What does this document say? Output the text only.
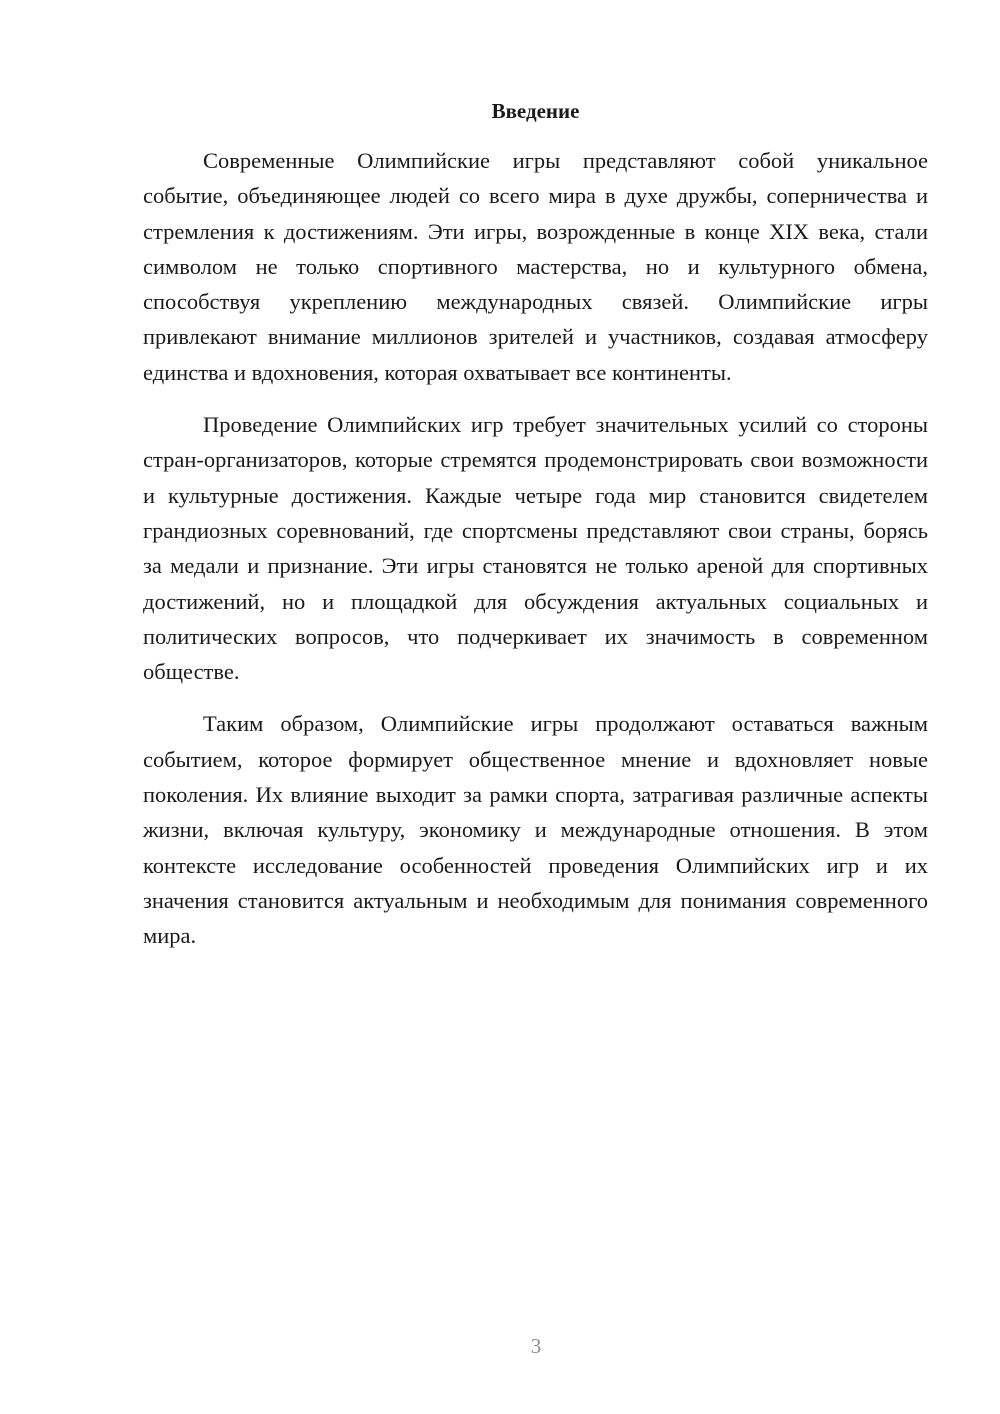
Введение

Современные Олимпийские игры представляют собой уникальное событие, объединяющее людей со всего мира в духе дружбы, соперничества и стремления к достижениям. Эти игры, возрожденные в конце XIX века, стали символом не только спортивного мастерства, но и культурного обмена, способствуя укреплению международных связей. Олимпийские игры привлекают внимание миллионов зрителей и участников, создавая атмосферу единства и вдохновения, которая охватывает все континенты.

Проведение Олимпийских игр требует значительных усилий со стороны стран-организаторов, которые стремятся продемонстрировать свои возможности и культурные достижения. Каждые четыре года мир становится свидетелем грандиозных соревнований, где спортсмены представляют свои страны, борясь за медали и признание. Эти игры становятся не только ареной для спортивных достижений, но и площадкой для обсуждения актуальных социальных и политических вопросов, что подчеркивает их значимость в современном обществе.

Таким образом, Олимпийские игры продолжают оставаться важным событием, которое формирует общественное мнение и вдохновляет новые поколения. Их влияние выходит за рамки спорта, затрагивая различные аспекты жизни, включая культуру, экономику и международные отношения. В этом контексте исследование особенностей проведения Олимпийских игр и их значения становится актуальным и необходимым для понимания современного мира.

3
